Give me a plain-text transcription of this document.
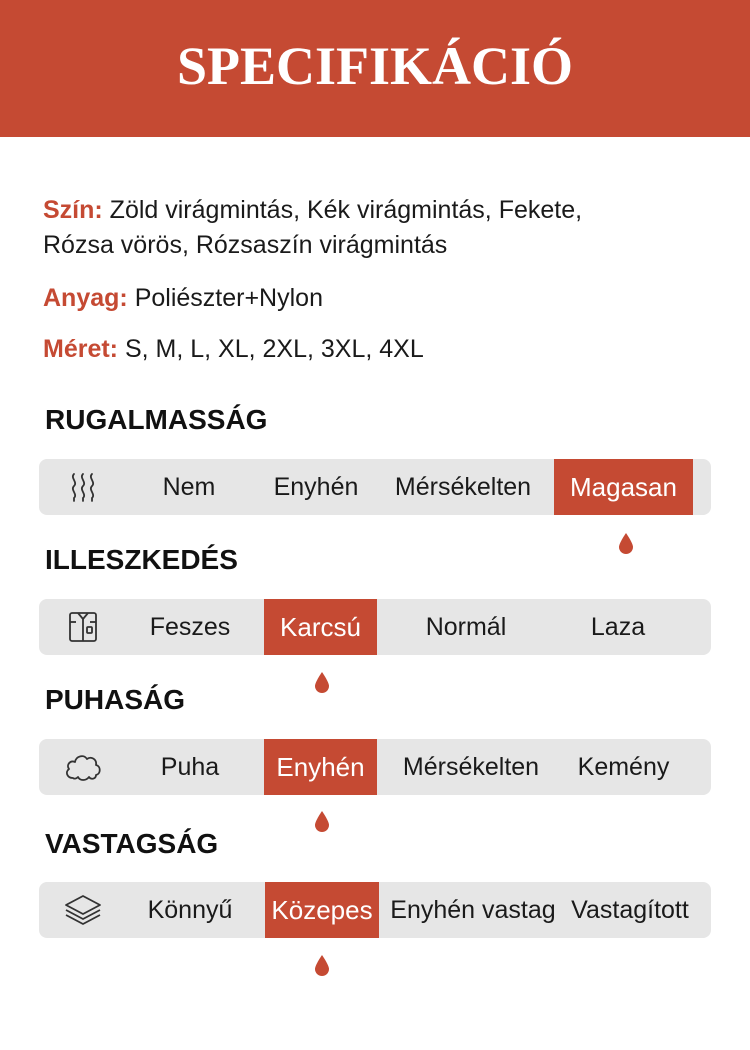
SPECIFIKÁCIÓ
Szín: Zöld virágmintás, Kék virágmintás, Fekete,
Rózsa vörös, Rózsaszín virágmintás
Anyag: Poliészter+Nylon
Méret: S, M, L, XL, 2XL, 3XL, 4XL
RUGALMASSÁG
Nem	Enyhén	Mérsékelten	Magasan
ILLESZKEDÉS
Feszes	Karcsú	Normál	Laza
PUHASÁG
Puha	Enyhén	Mérsékelten	Kemény
VASTAGSÁG
Könnyű	Közepes Enyhén vastag Vastagított
